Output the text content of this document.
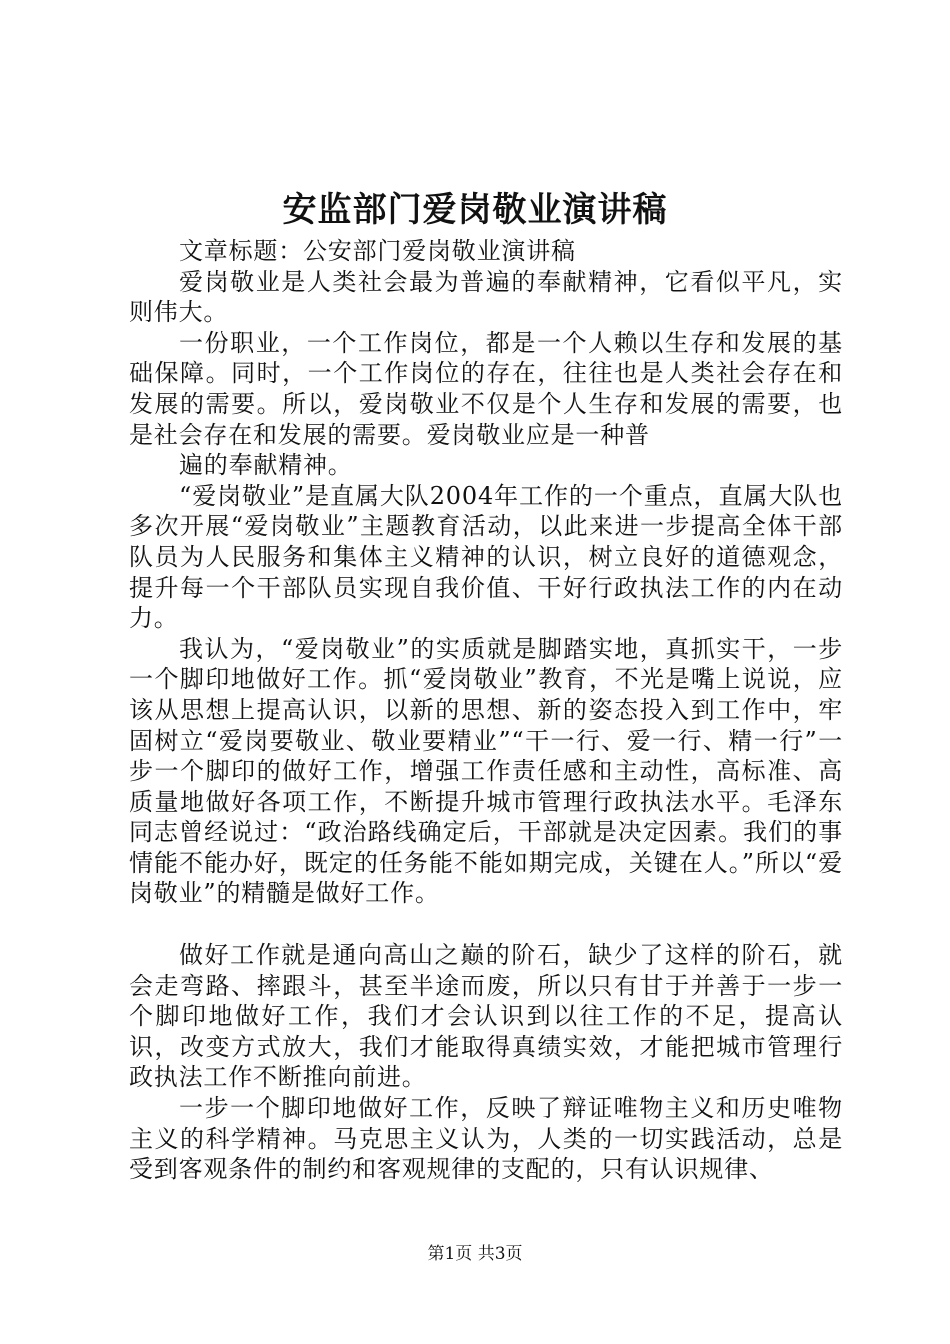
安监部门爱岗敬业演讲稿

文章标题：公安部门爱岗敬业演讲稿

爱岗敬业是人类社会最为普遍的奉献精神，它看似平凡，实则伟大。

一份职业，一个工作岗位，都是一个人赖以生存和发展的基础保障。同时，一个工作岗位的存在，往往也是人类社会存在和发展的需要。所以，爱岗敬业不仅是个人生存和发展的需要，也是社会存在和发展的需要。爱岗敬业应是一种普

遍的奉献精神。

“爱岗敬业”是直属大队2004年工作的一个重点，直属大队也多次开展“爱岗敬业”主题教育活动，以此来进一步提高全体干部队员为人民服务和集体主义精神的认识，树立良好的道德观念，提升每一个干部队员实现自我价值、干好行政执法工作的内在动力。

我认为，“爱岗敬业”的实质就是脚踏实地，真抓实干，一步一个脚印地做好工作。抓“爱岗敬业”教育，不光是嘴上说说，应该从思想上提高认识，以新的思想、新的姿态投入到工作中，牢固树立“爱岗要敬业、敬业要精业”“干一行、爱一行、精一行”一步一个脚印的做好工作，增强工作责任感和主动性，高标准、高质量地做好各项工作，不断提升城市管理行政执法水平。毛泽东同志曾经说过：“政治路线确定后，干部就是决定因素。我们的事情能不能办好，既定的任务能不能如期完成，关键在人。”所以“爱岗敬业”的精髓是做好工作。

做好工作就是通向高山之巅的阶石，缺少了这样的阶石，就会走弯路、摔跟斗，甚至半途而废，所以只有甘于并善于一步一个脚印地做好工作，我们才会认识到以往工作的不足，提高认识，改变方式放大，我们才能取得真绩实效，才能把城市管理行政执法工作不断推向前进。

一步一个脚印地做好工作，反映了辩证唯物主义和历史唯物主义的科学精神。马克思主义认为，人类的一切实践活动，总是受到客观条件的制约和客观规律的支配的，只有认识规律、

第1页 共3页
